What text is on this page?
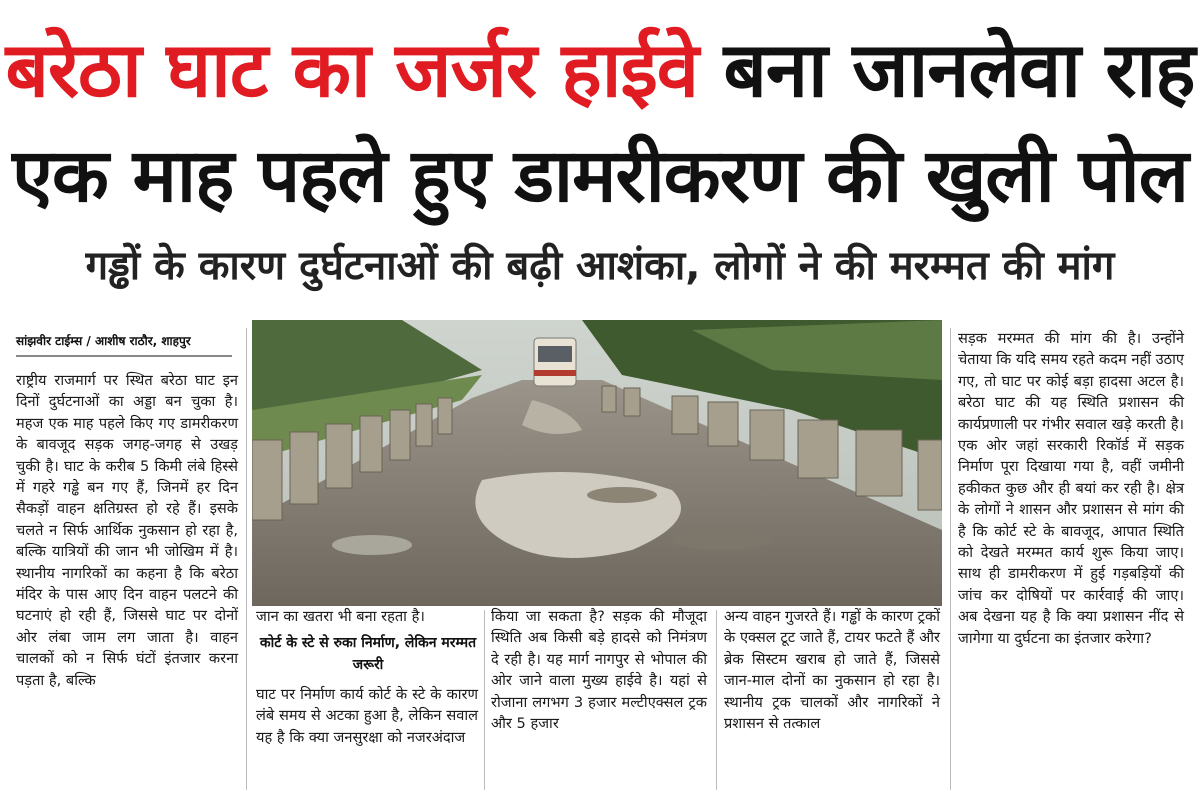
बरेठा घाट का जर्जर हाईवे बना जानलेवा राह
एक माह पहले हुए डामरीकरण की खुली पोल
गड्ढों के कारण दुर्घटनाओं की बढ़ी आशंका, लोगों ने की मरम्मत की मांग
सांझवीर टाईम्स / आशीष राठौर, शाहपुर
राष्ट्रीय राजमार्ग पर स्थित बरेठा घाट इन दिनों दुर्घटनाओं का अड्डा बन चुका है। महज एक माह पहले किए गए डामरीकरण के बावजूद सड़क जगह-जगह से उखड़ चुकी है। घाट के करीब 5 किमी लंबे हिस्से में गहरे गड्ढे बन गए हैं, जिनमें हर दिन सैकड़ों वाहन क्षतिग्रस्त हो रहे हैं। इसके चलते न सिर्फ आर्थिक नुकसान हो रहा है, बल्कि यात्रियों की जान भी जोखिम में है। स्थानीय नागरिकों का कहना है कि बरेठा मंदिर के पास आए दिन वाहन पलटने की घटनाएं हो रही हैं, जिससे घाट पर दोनों ओर लंबा जाम लग जाता है। वाहन चालकों को न सिर्फ घंटों इंतजार करना पड़ता है, बल्कि
जान का खतरा भी बना रहता है।
कोर्ट के स्टे से रुका निर्माण, लेकिन मरम्मत जरूरी
घाट पर निर्माण कार्य कोर्ट के स्टे के कारण लंबे समय से अटका हुआ है, लेकिन सवाल यह है कि क्या जनसुरक्षा को नजरअंदाज
किया जा सकता है? सड़क की मौजूदा स्थिति अब किसी बड़े हादसे को निमंत्रण दे रही है। यह मार्ग नागपुर से भोपाल की ओर जाने वाला मुख्य हाईवे है। यहां से रोजाना लगभग 3 हजार मल्टीएक्सल ट्रक और 5 हजार
अन्य वाहन गुजरते हैं। गड्ढों के कारण ट्रकों के एक्सल टूट जाते हैं, टायर फटते हैं और ब्रेक सिस्टम खराब हो जाते हैं, जिससे जान-माल दोनों का नुकसान हो रहा है। स्थानीय ट्रक चालकों और नागरिकों ने प्रशासन से तत्काल
सड़क मरम्मत की मांग की है। उन्होंने चेताया कि यदि समय रहते कदम नहीं उठाए गए, तो घाट पर कोई बड़ा हादसा अटल है। बरेठा घाट की यह स्थिति प्रशासन की कार्यप्रणाली पर गंभीर सवाल खड़े करती है। एक ओर जहां सरकारी रिकॉर्ड में सड़क निर्माण पूरा दिखाया गया है, वहीं जमीनी हकीकत कुछ और ही बयां कर रही है। क्षेत्र के लोगों ने शासन और प्रशासन से मांग की है कि कोर्ट स्टे के बावजूद, आपात स्थिति को देखते मरम्मत कार्य शुरू किया जाए। साथ ही डामरीकरण में हुई गड़बड़ियों की जांच कर दोषियों पर कार्रवाई की जाए। अब देखना यह है कि क्या प्रशासन नींद से जागेगा या दुर्घटना का इंतजार करेगा?
